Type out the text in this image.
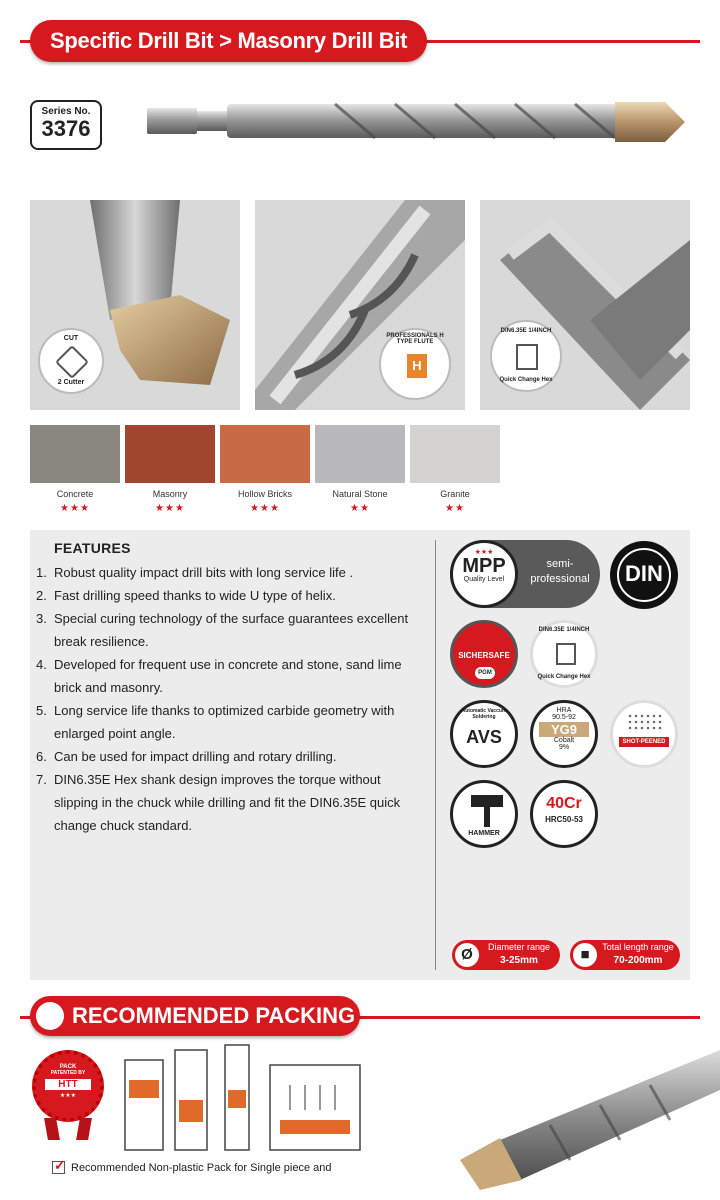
Specific Drill Bit > Masonry Drill Bit
Series No.
3376
CUT
2 Cutter
PROFESSIONALS H TYPE FLUTE
H
DIN6.35E 1/4INCH
Quick Change Hex
Concrete
★★★
Masonry
★★★
Hollow Bricks
★★★
Natural Stone
★★
Granite
★★
FEATURES
1. Robust quality impact drill bits with long service life .
2. Fast drilling speed thanks to wide U type of helix.
3. Special curing technology of the surface guarantees excellent break resilience.
4. Developed for frequent use in concrete and stone, sand lime brick and masonry.
5. Long service life thanks to optimized carbide geometry with enlarged point angle.
6. Can be used for impact drilling and rotary drilling.
7. DIN6.35E Hex shank design improves the torque without slipping in the chuck while drilling and fit the DIN6.35E quick change chuck standard.
★★★
MPP
Quality Level
semi-
professional	DIN
SICHERSAFE
PGM
DIN6.35E 1/4INCH
Quick Change Hex
Automatic Vaccum Soldering
AVS
HRA
90.5-92
YG9
Cobalt
9%
SHOT-PEENED
HAMMER
40Cr
HRC50-53
Ø	Diameter range
3-25mm	■	Total length range
70-200mm
RECOMMENDED PACKING
PACK
PATENTED BY
HTT
★★★
✓ Recommended Non-plastic Pack for Single piece and
